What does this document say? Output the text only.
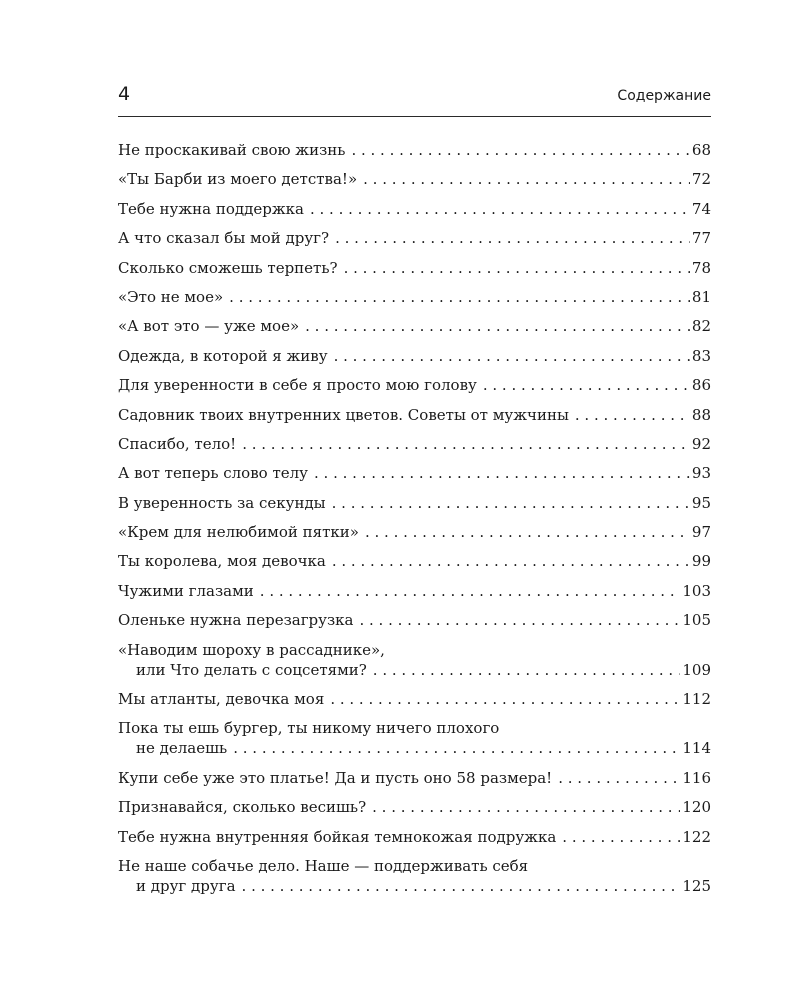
4	Содержание
Не проскакивай свою жизнь . . .	68
«Ты Барби из моего детства!» . . .	72
Тебе нужна поддержка . . .	74
А что сказал бы мой друг? . . .	77
Сколько сможешь терпеть? . . .	78
«Это не мое» . . .	81
«А вот это — уже мое» . . .	82
Одежда, в которой я живу . . .	83
Для уверенности в себе я просто мою голову . . .	86
Садовник твоих внутренних цветов. Советы от мужчины . . .	88
Спасибо, тело! . . .	92
А вот теперь слово телу . . .	93
В уверенность за секунды . . .	95
«Крем для нелюбимой пятки» . . .	97
Ты королева, моя девочка . . .	99
Чужими глазами . . .	103
Оленьке нужна перезагрузка . . .	105
«Наводим шороху в рассаднике»,
или Что делать с соцсетями? . . .	109
Мы атланты, девочка моя . . .	112
Пока ты ешь бургер, ты никому ничего плохого
не делаешь . . .	114
Купи себе уже это платье! Да и пусть оно 58 размера! . . .	116
Признавайся, сколько весишь? . . .	120
Тебе нужна внутренняя бойкая темнокожая подружка . . .	122
Не наше собачье дело. Наше — поддерживать себя
и друг друга . . .	125
